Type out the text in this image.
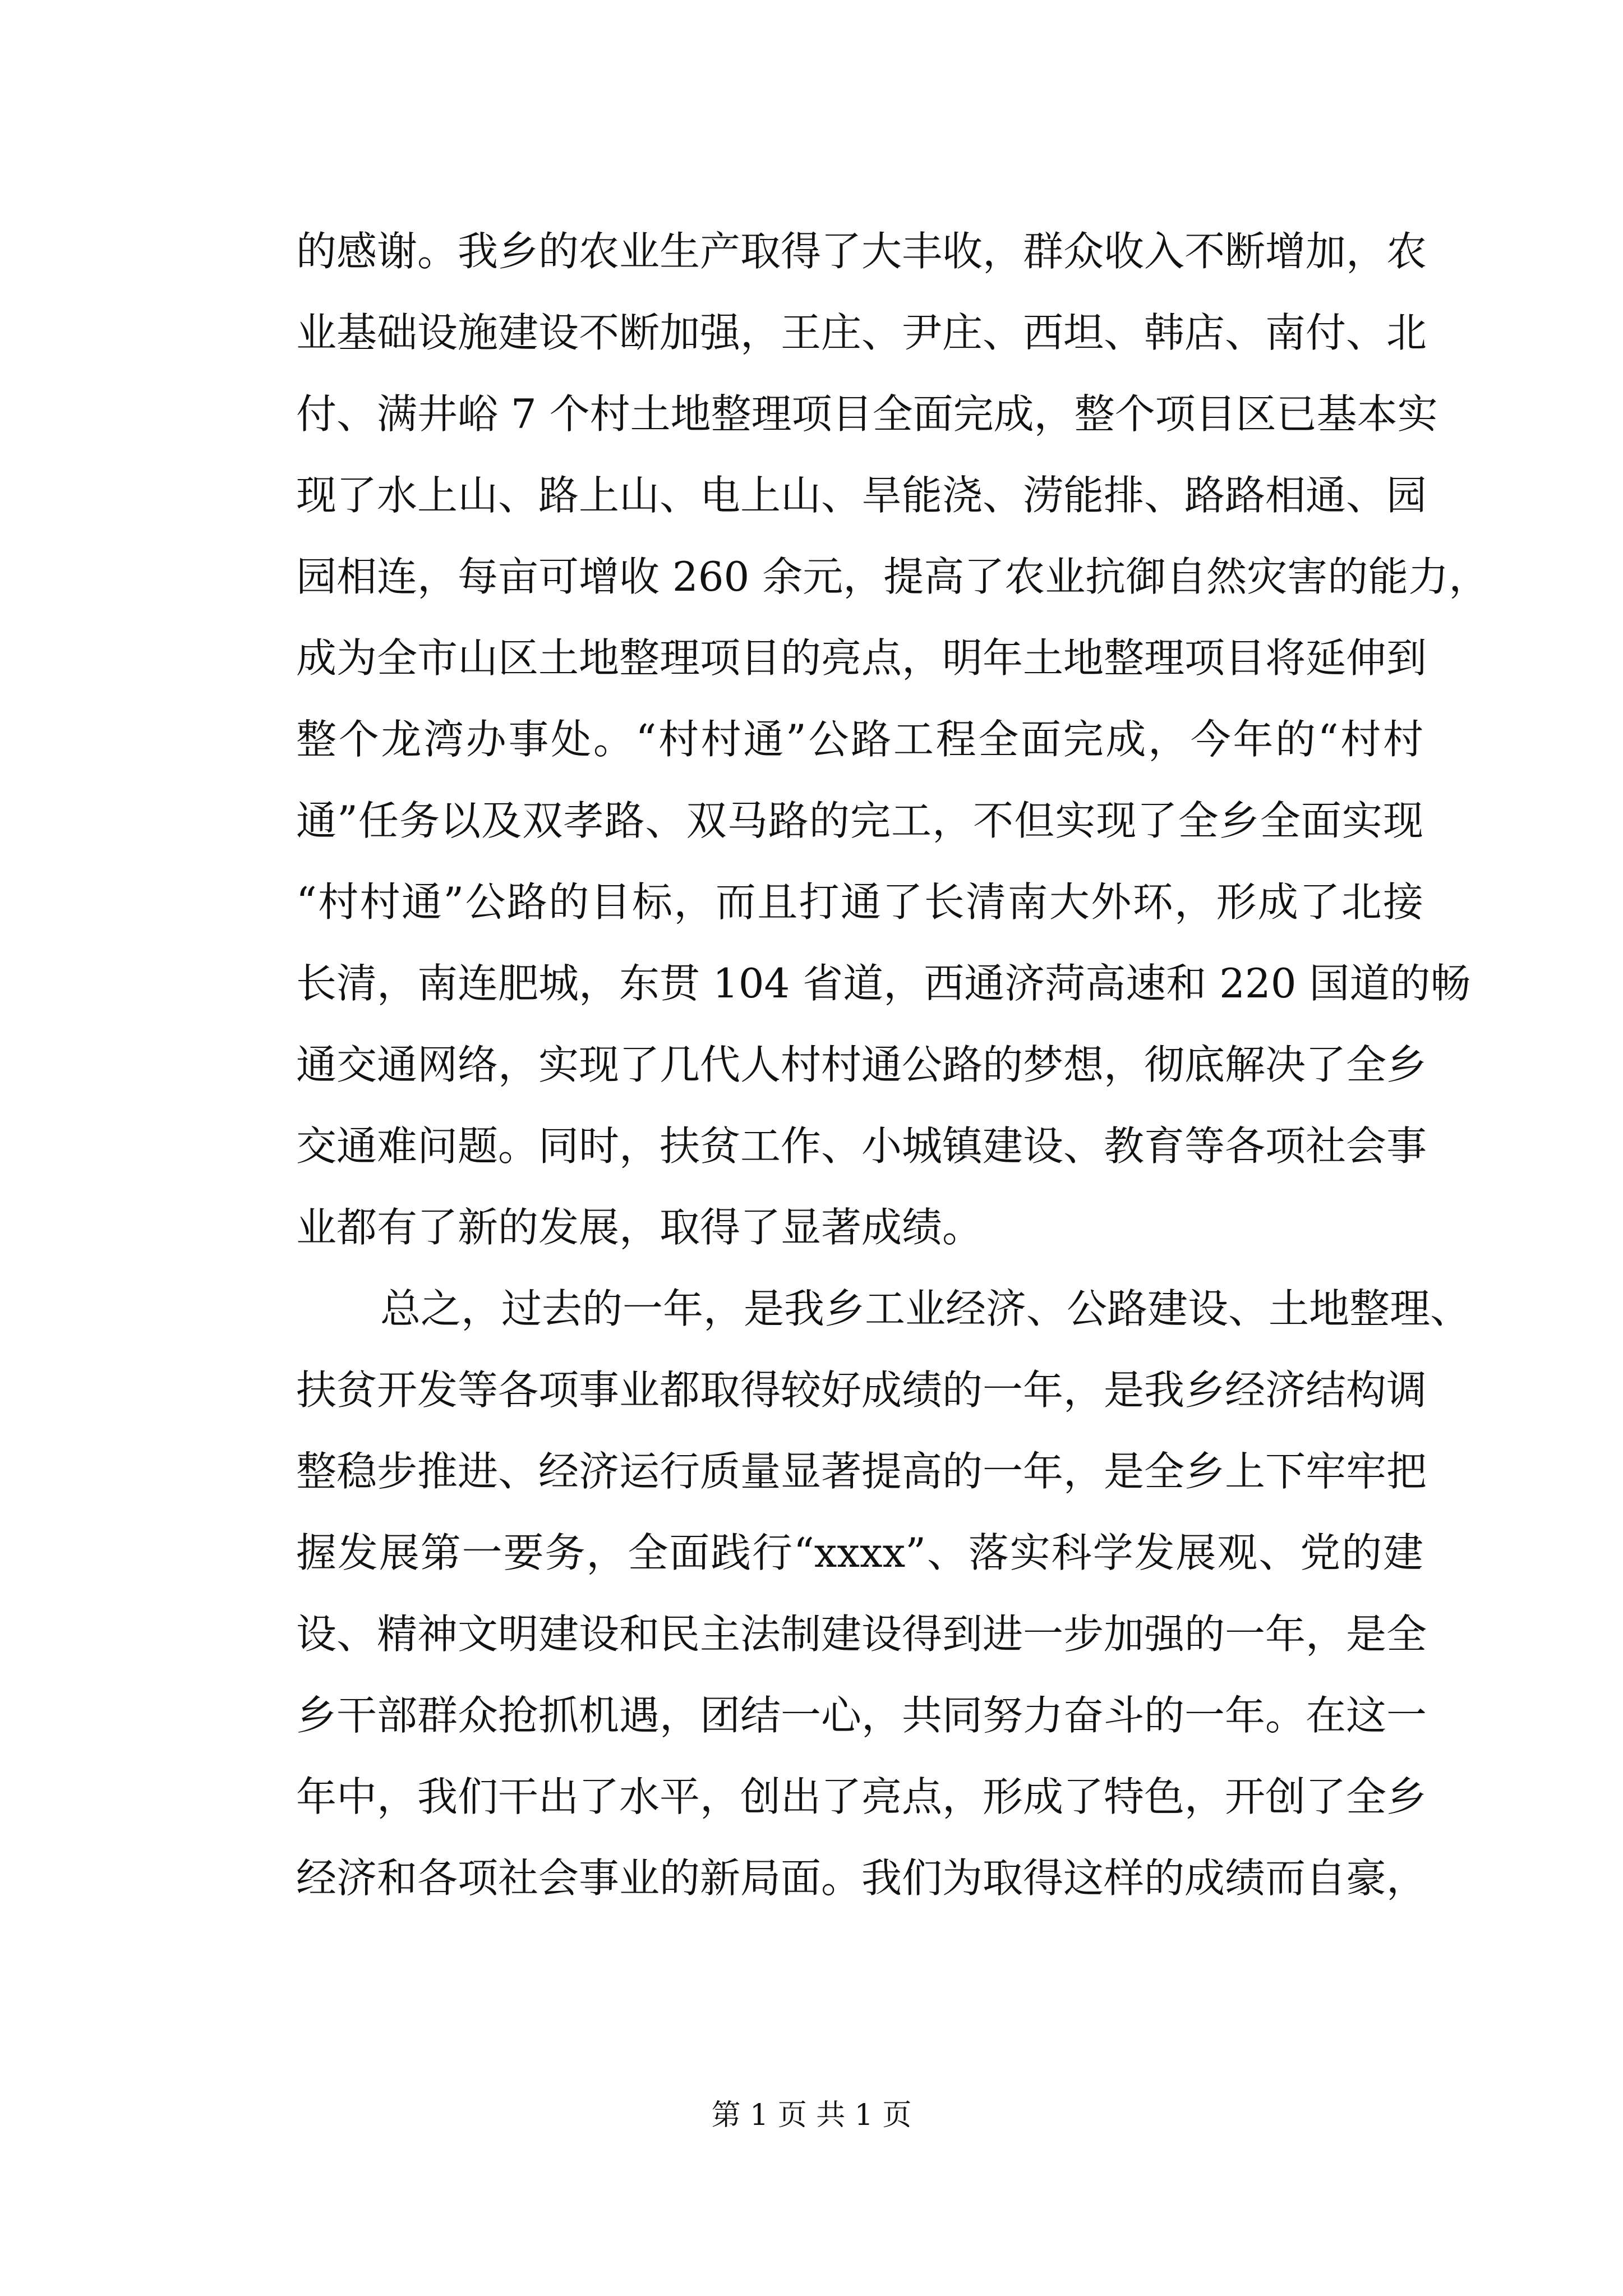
的感谢。我乡的农业生产取得了大丰收，群众收入不断增加，农
业基础设施建设不断加强，王庄、尹庄、西坦、韩店、南付、北
付、满井峪 7 个村土地整理项目全面完成，整个项目区已基本实
现了水上山、路上山、电上山、旱能浇、涝能排、路路相通、园
园相连，每亩可增收 260 余元，提高了农业抗御自然灾害的能力，
成为全市山区土地整理项目的亮点，明年土地整理项目将延伸到
整个龙湾办事处。“村村通”公路工程全面完成，今年的“村村
通”任务以及双孝路、双马路的完工，不但实现了全乡全面实现
“村村通”公路的目标，而且打通了长清南大外环，形成了北接
长清，南连肥城，东贯 104 省道，西通济菏高速和 220 国道的畅
通交通网络，实现了几代人村村通公路的梦想，彻底解决了全乡
交通难问题。同时，扶贫工作、小城镇建设、教育等各项社会事
业都有了新的发展，取得了显著成绩。
总之，过去的一年，是我乡工业经济、公路建设、土地整理、
扶贫开发等各项事业都取得较好成绩的一年，是我乡经济结构调
整稳步推进、经济运行质量显著提高的一年，是全乡上下牢牢把
握发展第一要务，全面践行“xxxx”、落实科学发展观、党的建
设、精神文明建设和民主法制建设得到进一步加强的一年，是全
乡干部群众抢抓机遇，团结一心，共同努力奋斗的一年。在这一
年中，我们干出了水平，创出了亮点，形成了特色，开创了全乡
经济和各项社会事业的新局面。我们为取得这样的成绩而自豪，
第 1 页 共 1 页
